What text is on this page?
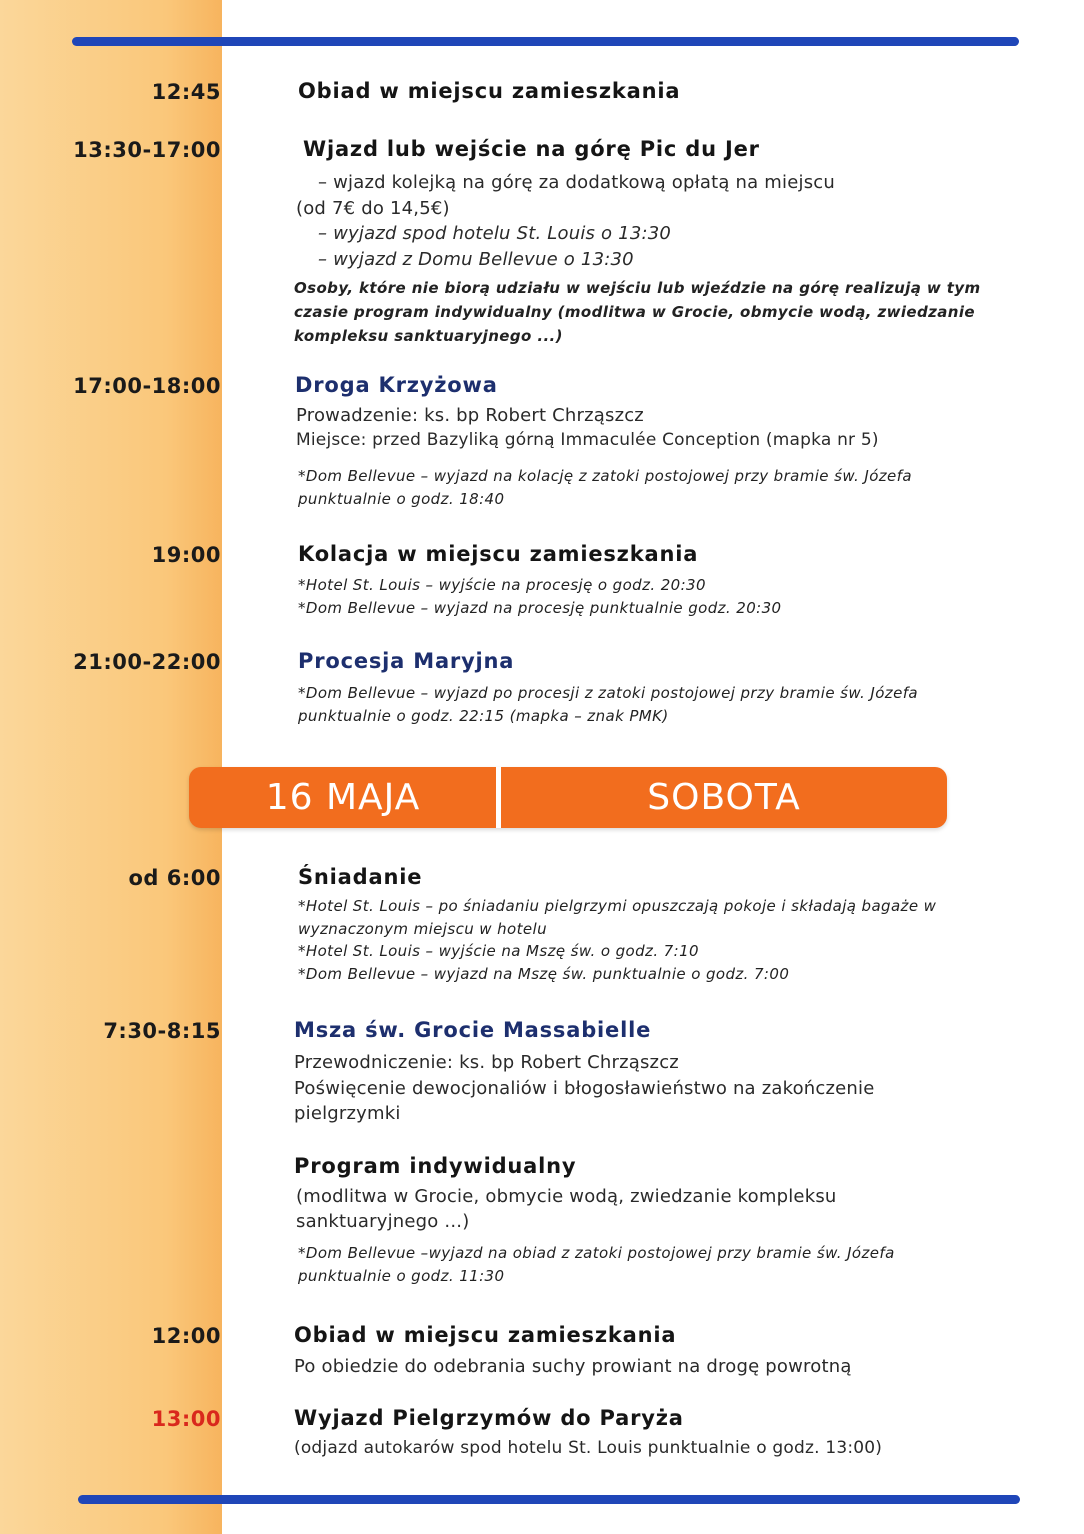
12:45	Obiad w miejscu zamieszkania
13:30-17:00	Wjazd lub wejście na górę Pic du Jer
– wjazd kolejką na górę za dodatkową opłatą na miejscu
(od 7€ do 14,5€)
– wyjazd spod hotelu St. Louis o 13:30
– wyjazd z Domu Bellevue o 13:30
Osoby, które nie biorą udziału w wejściu lub wjeździe na górę realizują w tym czasie program indywidualny (modlitwa w Grocie, obmycie wodą, zwiedzanie kompleksu sanktuaryjnego ...)
17:00-18:00	Droga Krzyżowa
Prowadzenie: ks. bp Robert Chrząszcz
Miejsce: przed Bazyliką górną Immaculée Conception (mapka nr 5)
*Dom Bellevue – wyjazd na kolację z zatoki postojowej przy bramie św. Józefa punktualnie o godz. 18:40
19:00	Kolacja w miejscu zamieszkania
*Hotel St. Louis – wyjście na procesję o godz. 20:30
*Dom Bellevue – wyjazd na procesję punktualnie godz. 20:30
21:00-22:00	Procesja Maryjna
*Dom Bellevue – wyjazd po procesji z zatoki postojowej przy bramie św. Józefa punktualnie o godz. 22:15 (mapka – znak PMK)
16 MAJA	SOBOTA
od 6:00	Śniadanie
*Hotel St. Louis – po śniadaniu pielgrzymi opuszczają pokoje i składają bagaże w wyznaczonym miejscu w hotelu
*Hotel St. Louis – wyjście na Mszę św. o godz. 7:10
*Dom Bellevue – wyjazd na Mszę św. punktualnie o godz. 7:00
7:30-8:15	Msza św. Grocie Massabielle
Przewodniczenie: ks. bp Robert Chrząszcz
Poświęcenie dewocjonaliów i błogosławieństwo na zakończenie pielgrzymki
Program indywidualny
(modlitwa w Grocie, obmycie wodą, zwiedzanie kompleksu sanktuaryjnego ...)
*Dom Bellevue –wyjazd na obiad z zatoki postojowej przy bramie św. Józefa punktualnie o godz. 11:30
12:00	Obiad w miejscu zamieszkania
Po obiedzie do odebrania suchy prowiant na drogę powrotną
13:00	Wyjazd Pielgrzymów do Paryża
(odjazd autokarów spod hotelu St. Louis punktualnie o godz. 13:00)
